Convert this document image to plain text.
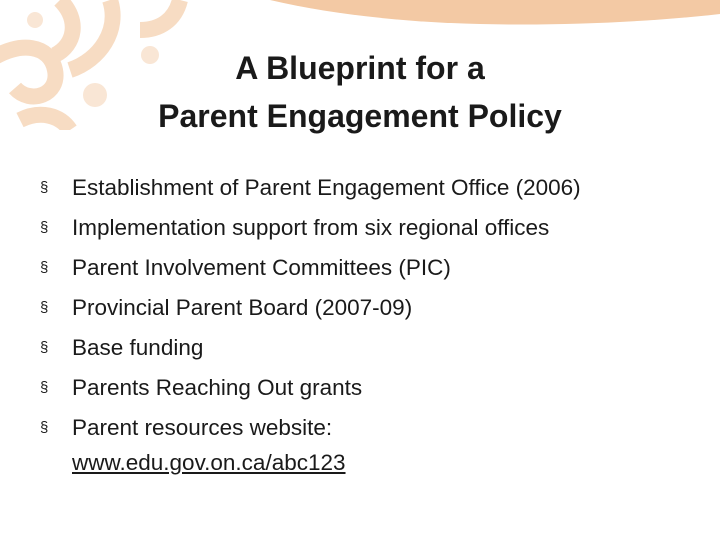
A Blueprint for a
Parent Engagement Policy
§ Establishment of Parent Engagement Office (2006)
§ Implementation support from six regional offices
§ Parent Involvement Committees (PIC)
§ Provincial Parent Board (2007-09)
§ Base funding
§ Parents Reaching Out grants
§ Parent resources website:
www.edu.gov.on.ca/abc123
